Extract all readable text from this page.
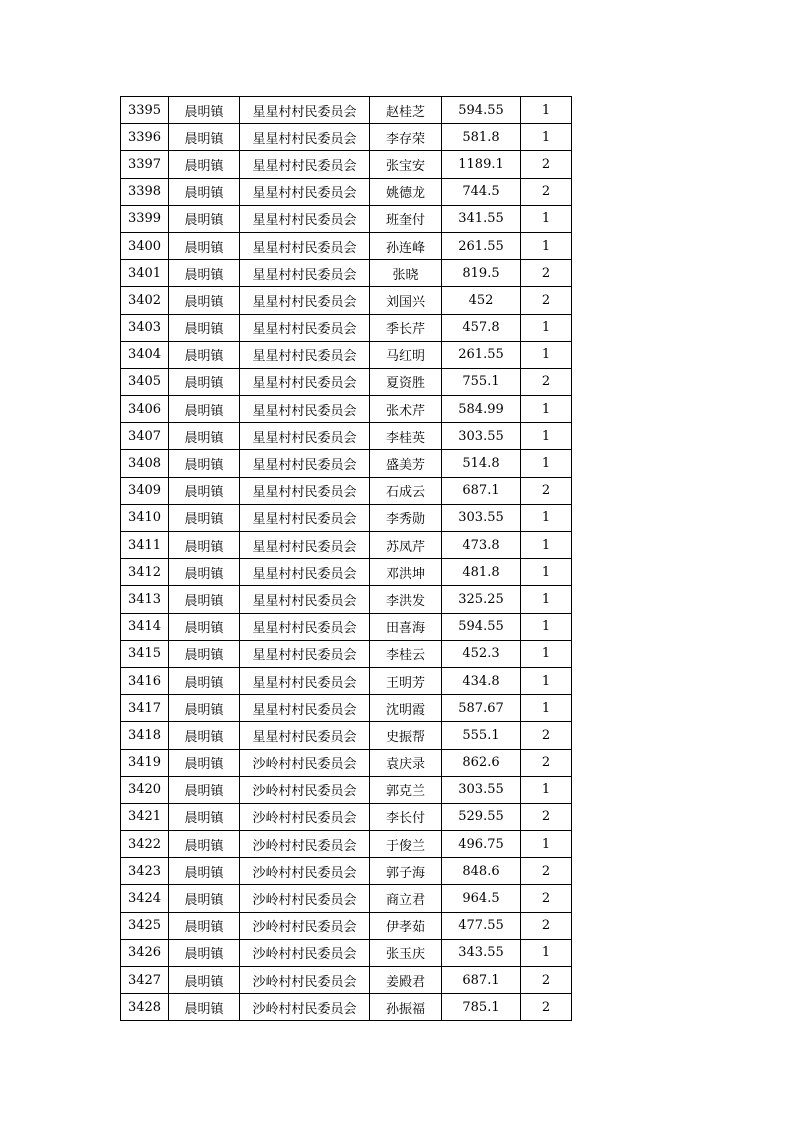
3395	晨明镇	星星村村民委员会	赵桂芝	594.55	1
3396	晨明镇	星星村村民委员会	李存荣	581.8	1
3397	晨明镇	星星村村民委员会	张宝安	1189.1	2
3398	晨明镇	星星村村民委员会	姚德龙	744.5	2
3399	晨明镇	星星村村民委员会	班奎付	341.55	1
3400	晨明镇	星星村村民委员会	孙连峰	261.55	1
3401	晨明镇	星星村村民委员会	张晓	819.5	2
3402	晨明镇	星星村村民委员会	刘国兴	452	2
3403	晨明镇	星星村村民委员会	季长芹	457.8	1
3404	晨明镇	星星村村民委员会	马红明	261.55	1
3405	晨明镇	星星村村民委员会	夏资胜	755.1	2
3406	晨明镇	星星村村民委员会	张术芹	584.99	1
3407	晨明镇	星星村村民委员会	李桂英	303.55	1
3408	晨明镇	星星村村民委员会	盛美芳	514.8	1
3409	晨明镇	星星村村民委员会	石成云	687.1	2
3410	晨明镇	星星村村民委员会	李秀勋	303.55	1
3411	晨明镇	星星村村民委员会	苏凤芹	473.8	1
3412	晨明镇	星星村村民委员会	邓洪坤	481.8	1
3413	晨明镇	星星村村民委员会	李洪发	325.25	1
3414	晨明镇	星星村村民委员会	田喜海	594.55	1
3415	晨明镇	星星村村民委员会	李桂云	452.3	1
3416	晨明镇	星星村村民委员会	王明芳	434.8	1
3417	晨明镇	星星村村民委员会	沈明霞	587.67	1
3418	晨明镇	星星村村民委员会	史振帮	555.1	2
3419	晨明镇	沙岭村村民委员会	袁庆录	862.6	2
3420	晨明镇	沙岭村村民委员会	郭克兰	303.55	1
3421	晨明镇	沙岭村村民委员会	李长付	529.55	2
3422	晨明镇	沙岭村村民委员会	于俊兰	496.75	1
3423	晨明镇	沙岭村村民委员会	郭子海	848.6	2
3424	晨明镇	沙岭村村民委员会	商立君	964.5	2
3425	晨明镇	沙岭村村民委员会	伊孝茹	477.55	2
3426	晨明镇	沙岭村村民委员会	张玉庆	343.55	1
3427	晨明镇	沙岭村村民委员会	姜殿君	687.1	2
3428	晨明镇	沙岭村村民委员会	孙振福	785.1	2
